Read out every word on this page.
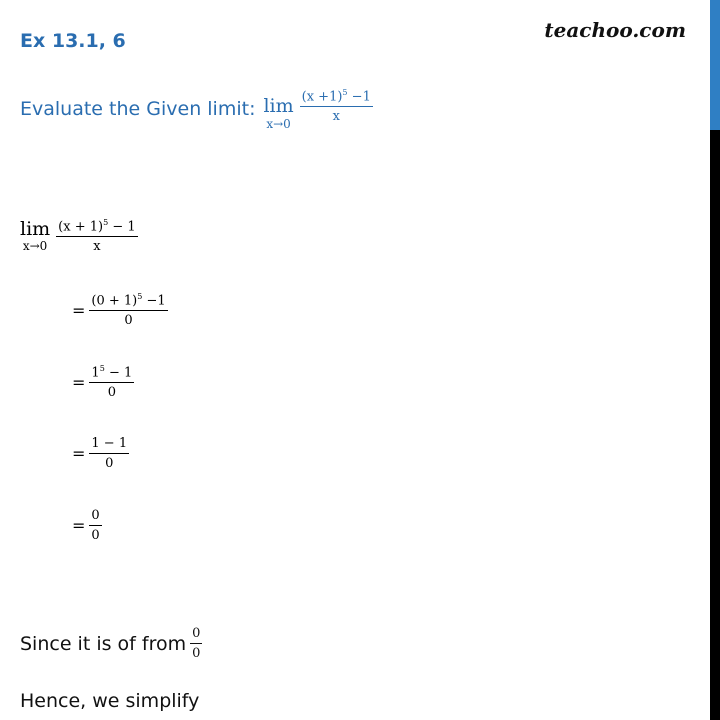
Ex 13.1, 6	teachoo.com
Evaluate the Given limit: lim
$x\to 0 \frac{(x +1)^5 -1}{x}$
lim
$x\to 0 \frac{(x + 1)^5 - 1}{x}$
= $\frac{(0 + 1)^5 -1}{0}$
= $\frac{1^5 - 1}{0}$
= $\frac{1 - 1}{0}$
= $\frac{0}{0}$
Since it is of from $\frac{0}{0}$
Hence, we simplify
